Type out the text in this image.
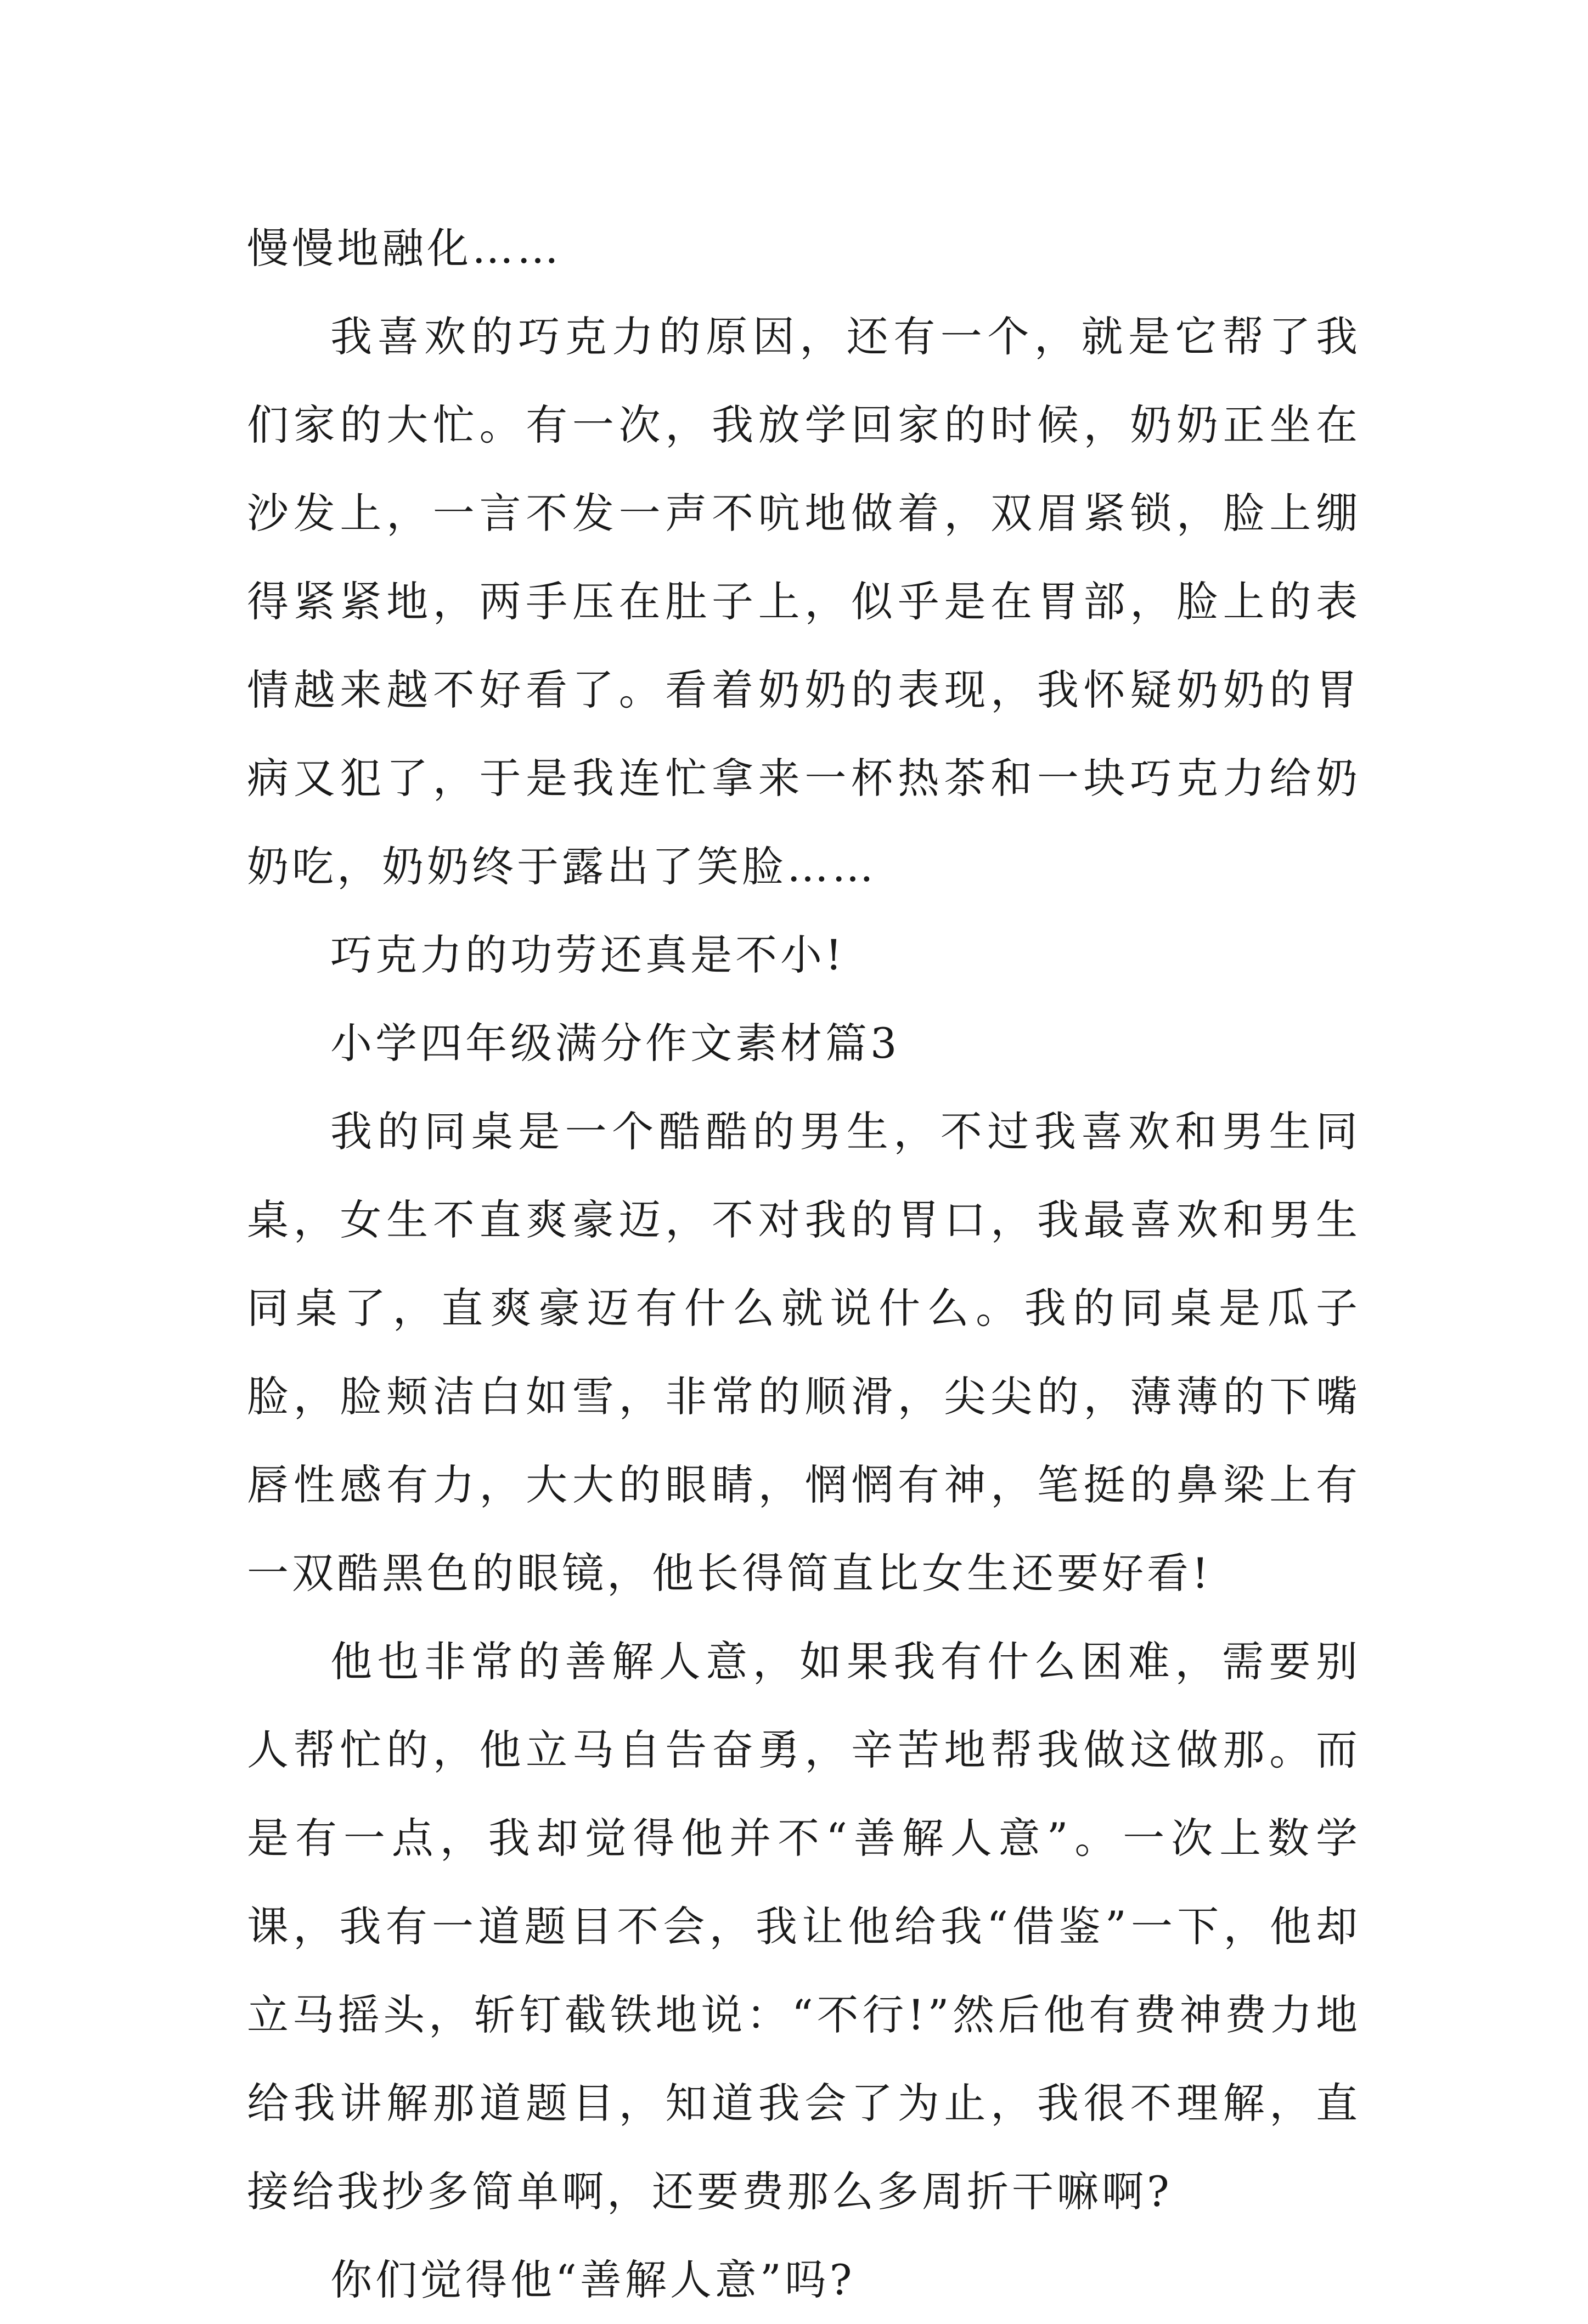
慢慢地融化……

我喜欢的巧克力的原因，还有一个，就是它帮了我们家的大忙。有一次，我放学回家的时候，奶奶正坐在沙发上，一言不发一声不吭地做着，双眉紧锁，脸上绷得紧紧地，两手压在肚子上，似乎是在胃部，脸上的表情越来越不好看了。看着奶奶的表现，我怀疑奶奶的胃病又犯了，于是我连忙拿来一杯热茶和一块巧克力给奶奶吃，奶奶终于露出了笑脸……

巧克力的功劳还真是不小!

小学四年级满分作文素材篇3

我的同桌是一个酷酷的男生，不过我喜欢和男生同桌，女生不直爽豪迈，不对我的胃口，我最喜欢和男生同桌了，直爽豪迈有什么就说什么。我的同桌是瓜子脸，脸颊洁白如雪，非常的顺滑，尖尖的，薄薄的下嘴唇性感有力，大大的眼睛，惘惘有神，笔挺的鼻梁上有一双酷黑色的眼镜，他长得简直比女生还要好看!

他也非常的善解人意，如果我有什么困难，需要别人帮忙的，他立马自告奋勇，辛苦地帮我做这做那。而是有一点，我却觉得他并不“善解人意”。一次上数学课，我有一道题目不会，我让他给我“借鉴”一下，他却立马摇头，斩钉截铁地说：“不行!”然后他有费神费力地给我讲解那道题目，知道我会了为止，我很不理解，直接给我抄多简单啊，还要费那么多周折干嘛啊?

你们觉得他“善解人意”吗?
